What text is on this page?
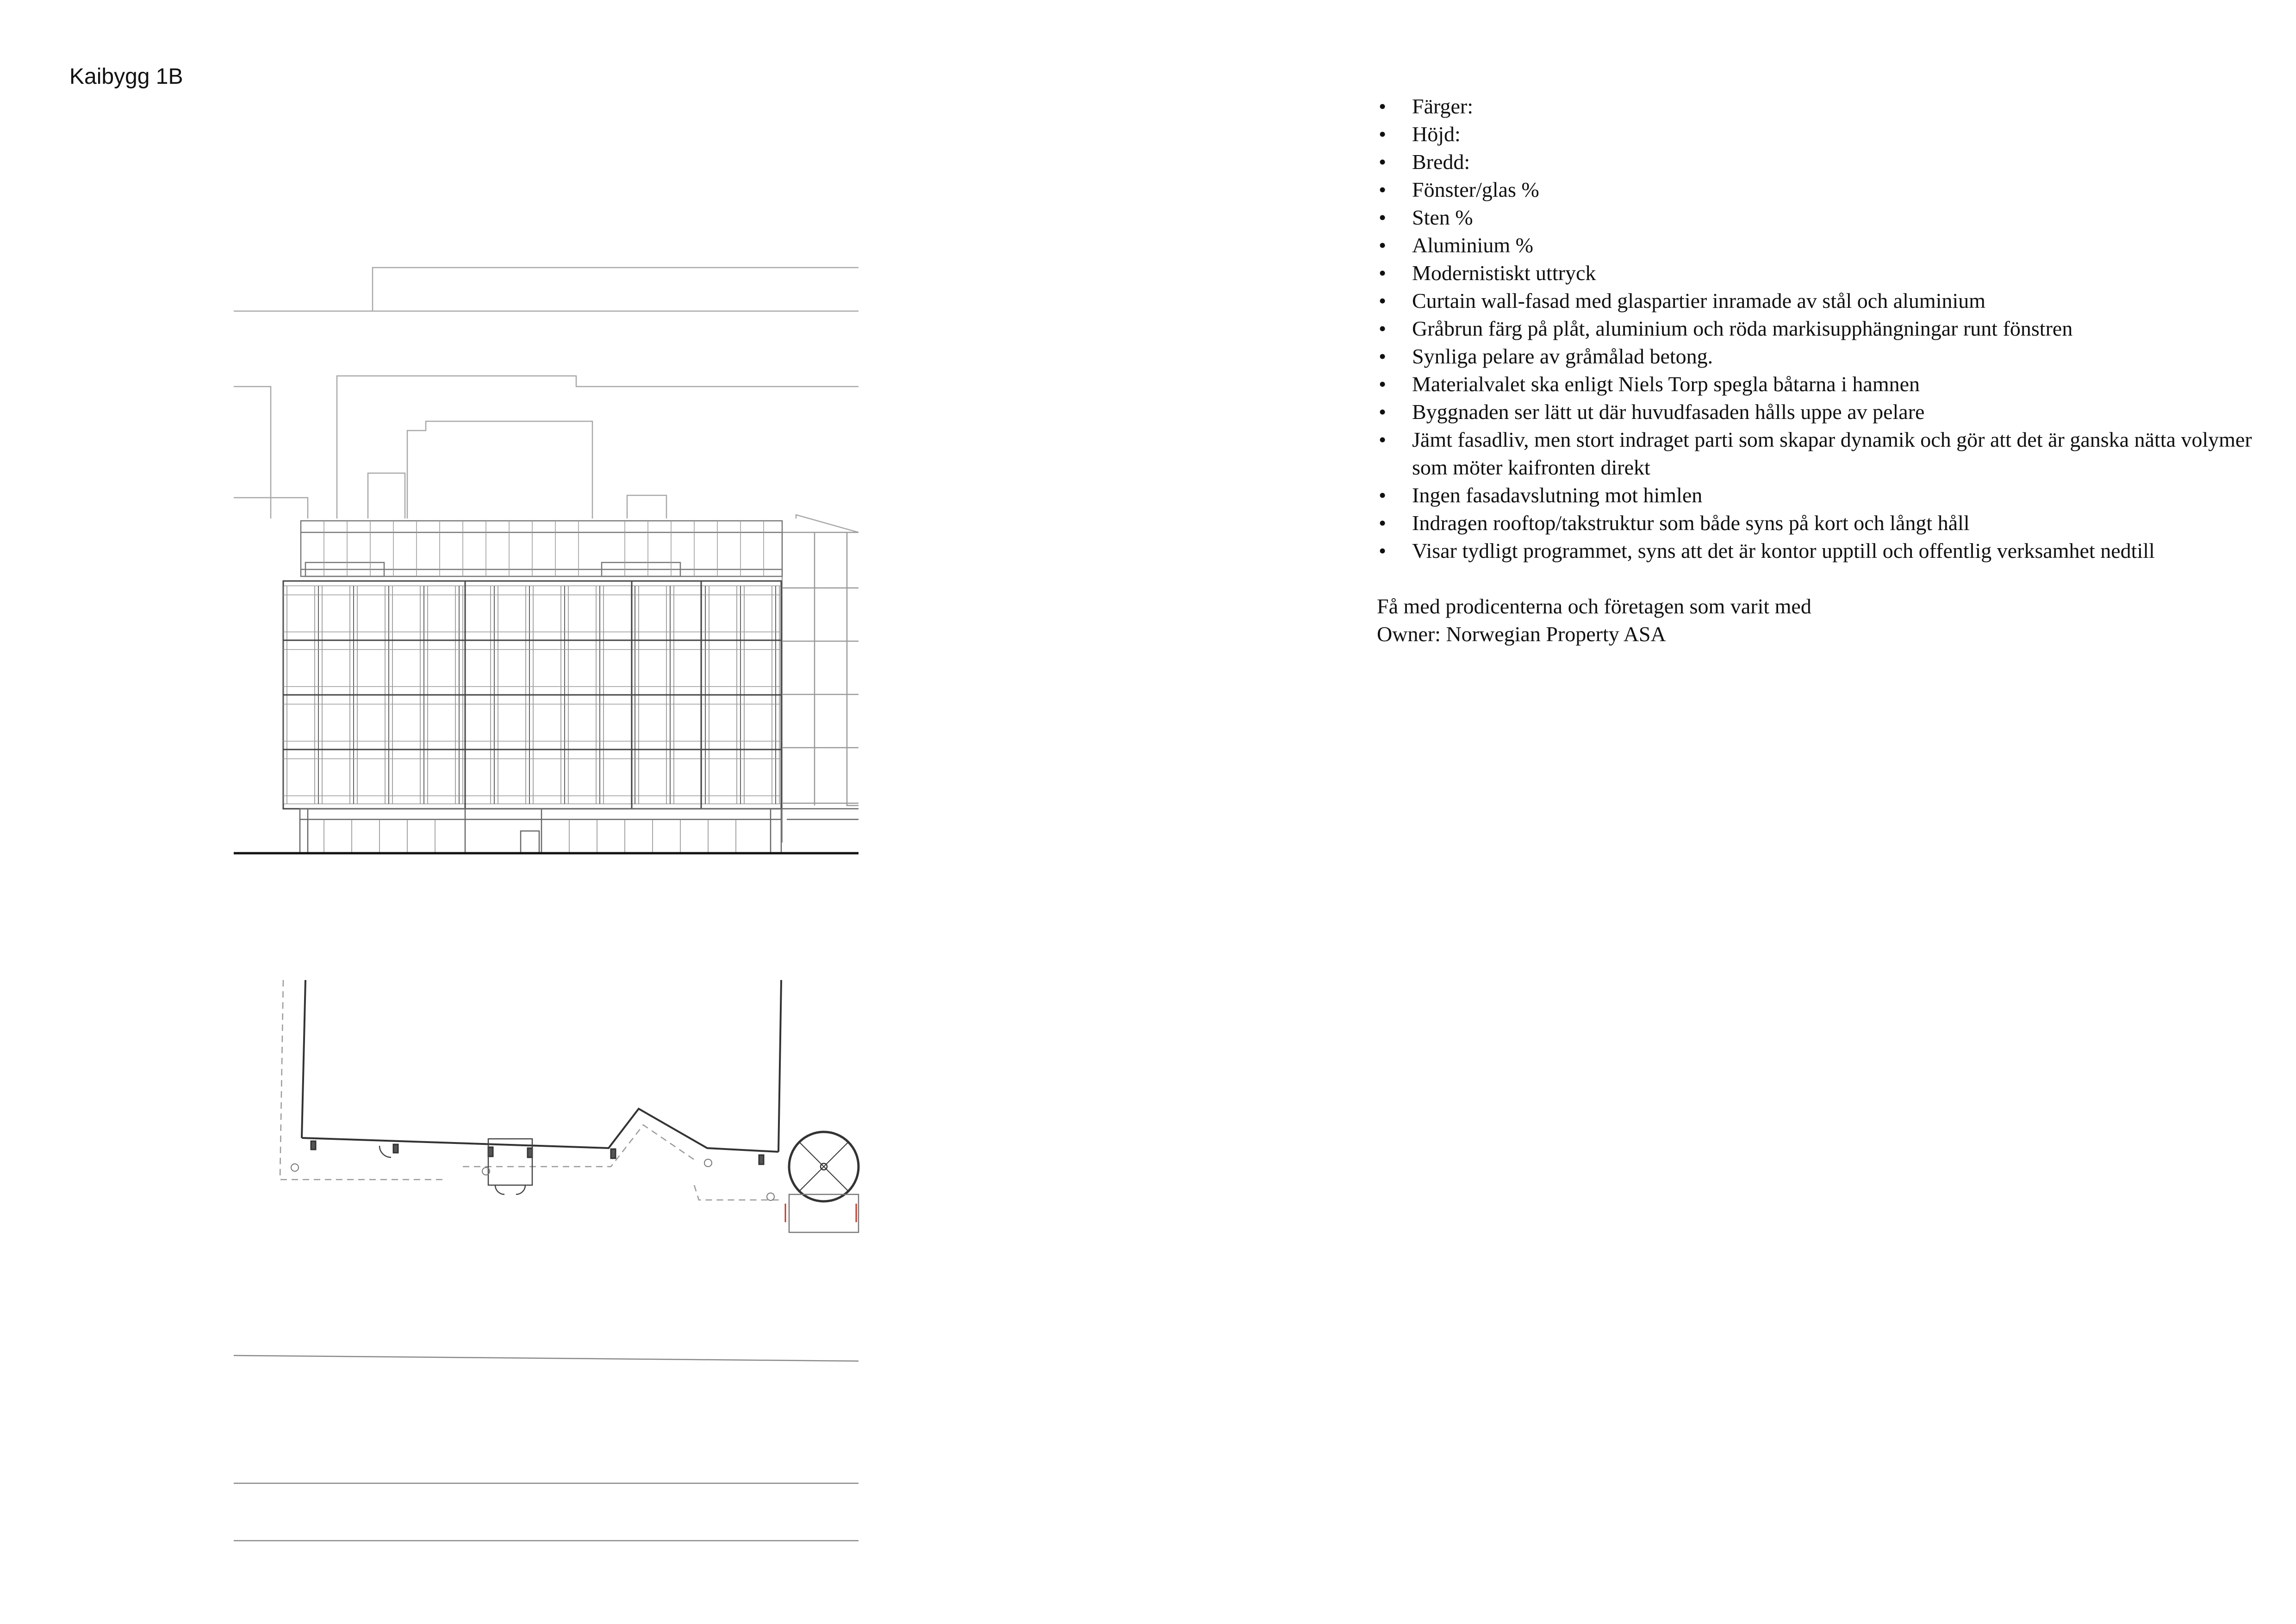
Kaibygg 1B
• Färger:
• Höjd:
• Bredd:
• Fönster/glas %
• Sten %
• Aluminium %
• Modernistiskt uttryck
• Curtain wall-fasad med glaspartier inramade av stål och aluminium
• Gråbrun färg på plåt, aluminium och röda markisupphängningar runt fönstren
• Synliga pelare av gråmålad betong.
• Materialvalet ska enligt Niels Torp spegla båtarna i hamnen
• Byggnaden ser lätt ut där huvudfasaden hålls uppe av pelare
• Jämt fasadliv, men stort indraget parti som skapar dynamik och gör att det är ganska nätta volymer som möter kaifronten direkt
• Ingen fasadavslutning mot himlen
• Indragen rooftop/takstruktur som både syns på kort och långt håll
• Visar tydligt programmet, syns att det är kontor upptill och offentlig verksamhet nedtill
Få med prodicenterna och företagen som varit med
Owner: Norwegian Property ASA
